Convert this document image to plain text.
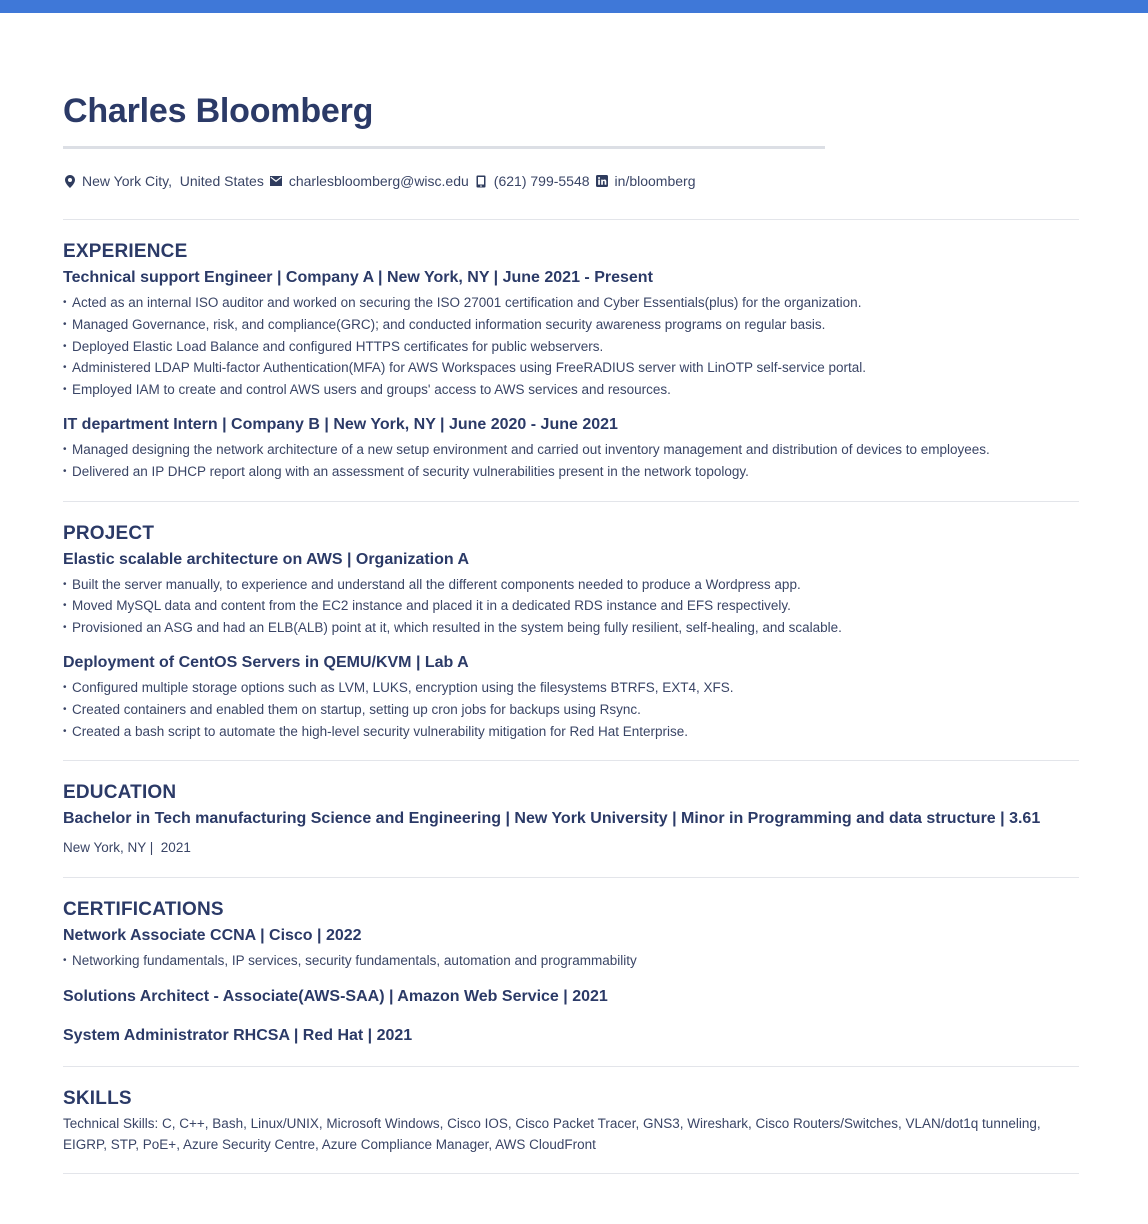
Charles Bloomberg
New York City,  United States charlesbloomberg@wisc.edu (621) 799-5548 in/bloomberg
EXPERIENCE
Technical support Engineer | Company A | New York, NY | June 2021 - Present
• Acted as an internal ISO auditor and worked on securing the ISO 27001 certification and Cyber Essentials(plus) for the organization.
• Managed Governance, risk, and compliance(GRC); and conducted information security awareness programs on regular basis.
• Deployed Elastic Load Balance and configured HTTPS certificates for public webservers.
• Administered LDAP Multi-factor Authentication(MFA) for AWS Workspaces using FreeRADIUS server with LinOTP self-service portal.
• Employed IAM to create and control AWS users and groups' access to AWS services and resources.
IT department Intern | Company B | New York, NY | June 2020 - June 2021
• Managed designing the network architecture of a new setup environment and carried out inventory management and distribution of devices to employees.
• Delivered an IP DHCP report along with an assessment of security vulnerabilities present in the network topology.
PROJECT
Elastic scalable architecture on AWS | Organization A
• Built the server manually, to experience and understand all the different components needed to produce a Wordpress app.
• Moved MySQL data and content from the EC2 instance and placed it in a dedicated RDS instance and EFS respectively.
• Provisioned an ASG and had an ELB(ALB) point at it, which resulted in the system being fully resilient, self-healing, and scalable.
Deployment of CentOS Servers in QEMU/KVM | Lab A
• Configured multiple storage options such as LVM, LUKS, encryption using the filesystems BTRFS, EXT4, XFS.
• Created containers and enabled them on startup, setting up cron jobs for backups using Rsync.
• Created a bash script to automate the high-level security vulnerability mitigation for Red Hat Enterprise.
EDUCATION
Bachelor in Tech manufacturing Science and Engineering | New York University | Minor in Programming and data structure | 3.61
New York, NY |  2021
CERTIFICATIONS
Network Associate CCNA | Cisco | 2022
• Networking fundamentals, IP services, security fundamentals, automation and programmability
Solutions Architect - Associate(AWS-SAA) | Amazon Web Service | 2021
System Administrator RHCSA | Red Hat | 2021
SKILLS
Technical Skills: C, C++, Bash, Linux/UNIX, Microsoft Windows, Cisco IOS, Cisco Packet Tracer, GNS3, Wireshark, Cisco Routers/Switches, VLAN/dot1q tunneling, EIGRP, STP, PoE+, Azure Security Centre, Azure Compliance Manager, AWS CloudFront
